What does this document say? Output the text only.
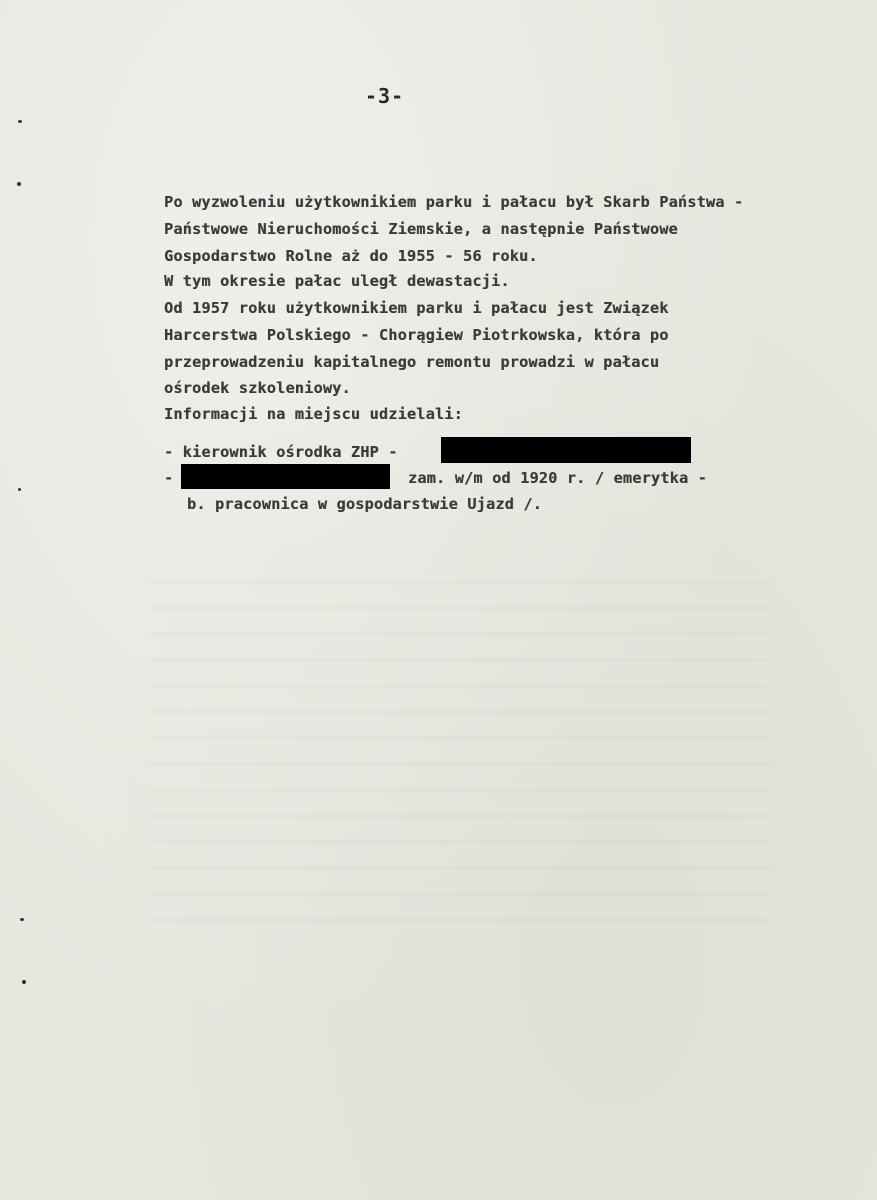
-3-
Po wyzwoleniu użytkownikiem parku i pałacu był Skarb Państwa -
Państwowe Nieruchomości Ziemskie, a następnie Państwowe
Gospodarstwo Rolne aż do 1955 - 56 roku.
W tym okresie pałac uległ dewastacji.
Od 1957 roku użytkownikiem parku i pałacu jest Związek
Harcerstwa Polskiego - Chorągiew Piotrkowska, która po
przeprowadzeniu kapitalnego remontu prowadzi w pałacu
ośrodek szkoleniowy.
Informacji na miejscu udzielali:
- kierownik ośrodka ZHP -
-	zam. w/m od 1920 r. / emerytka -
b. pracownica w gospodarstwie Ujazd /.
